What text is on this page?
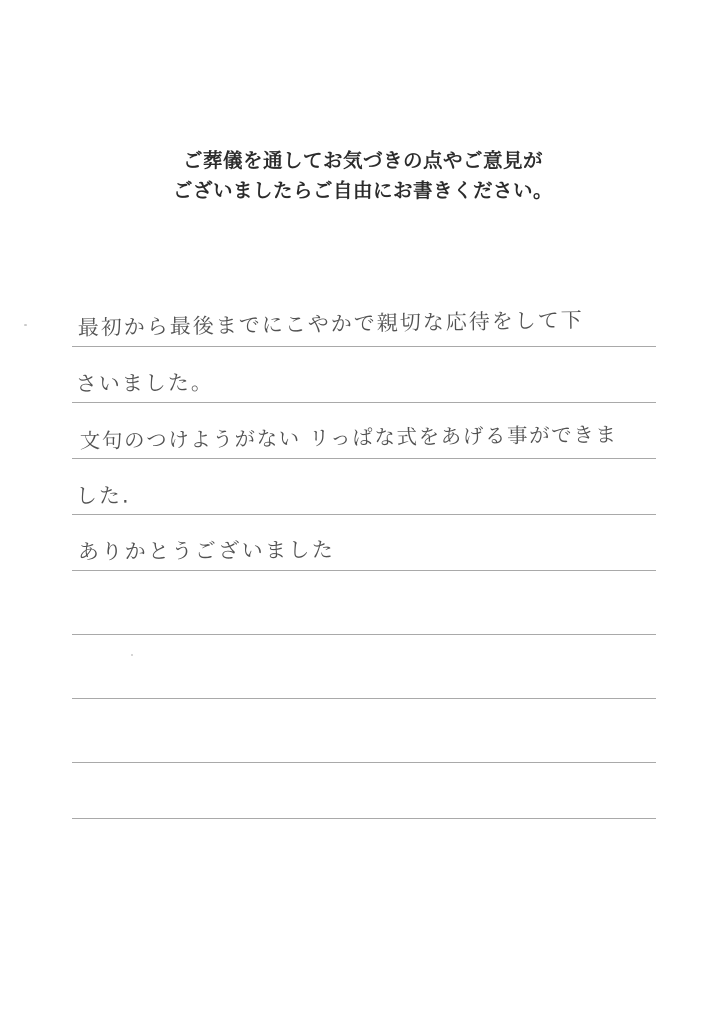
ご葬儀を通してお気づきの点やご意見が
ございましたらご自由にお書きください。
最初から最後までにこやかで親切な応待をして下
さいました。
文句のつけようがない リっぱな式をあげる事ができま
した.
ありかとうございました
